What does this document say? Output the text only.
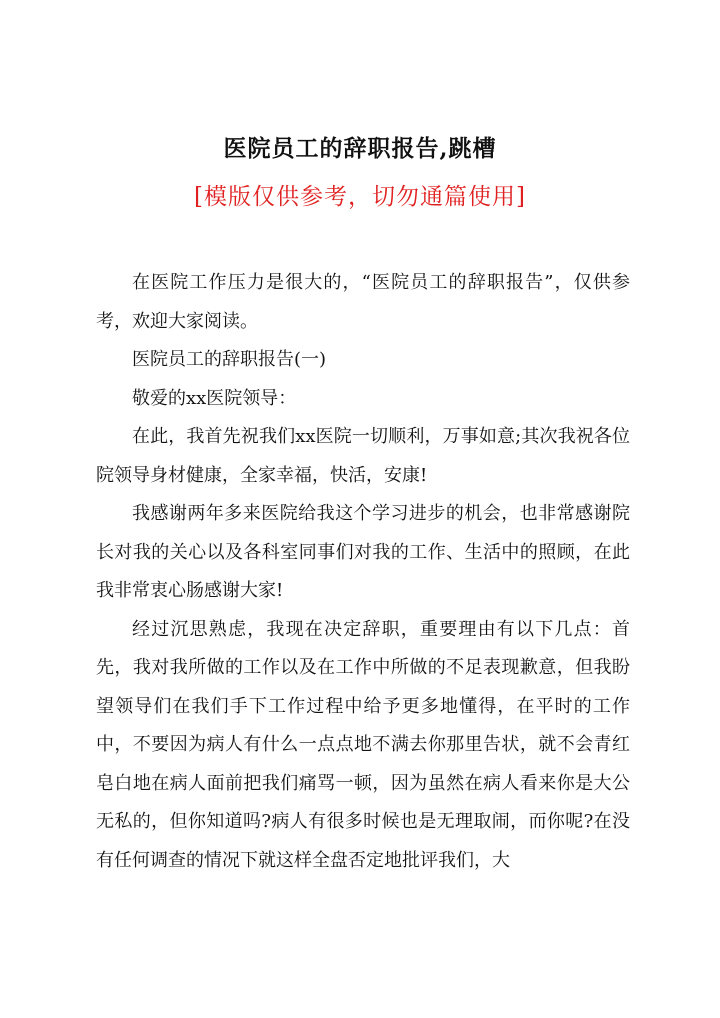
医院员工的辞职报告,跳槽
[模版仅供参考，切勿通篇使用]

在医院工作压力是很大的，“医院员工的辞职报告”，仅供参考，欢迎大家阅读。

医院员工的辞职报告(一)

敬爱的xx医院领导：

在此，我首先祝我们xx医院一切顺利，万事如意;其次我祝各位院领导身材健康，全家幸福，快活，安康!

我感谢两年多来医院给我这个学习进步的机会，也非常感谢院长对我的关心以及各科室同事们对我的工作、生活中的照顾，在此我非常衷心肠感谢大家!

经过沉思熟虑，我现在决定辞职，重要理由有以下几点：首先，我对我所做的工作以及在工作中所做的不足表现歉意，但我盼望领导们在我们手下工作过程中给予更多地懂得，在平时的工作中，不要因为病人有什么一点点地不满去你那里告状，就不会青红皂白地在病人面前把我们痛骂一顿，因为虽然在病人看来你是大公无私的，但你知道吗?病人有很多时候也是无理取闹，而你呢?在没有任何调查的情况下就这样全盘否定地批评我们，大
